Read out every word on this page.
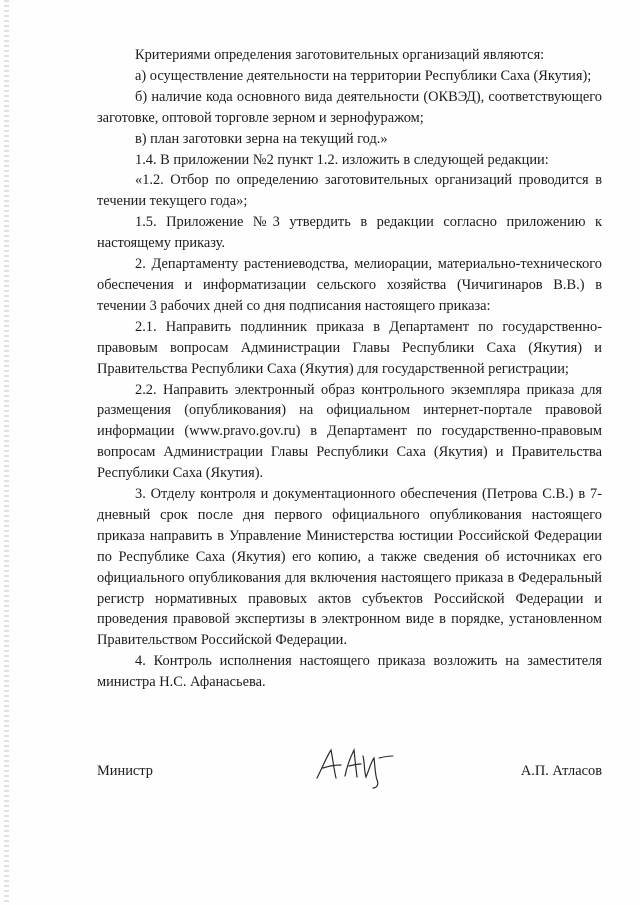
Критериями определения заготовительных организаций являются:

а) осуществление деятельности на территории Республики Саха (Якутия);

б) наличие кода основного вида деятельности (ОКВЭД), соответствующего заготовке, оптовой торговле зерном и зернофуражом;

в) план заготовки зерна на текущий год.»

1.4. В приложении №2 пункт 1.2. изложить в следующей редакции:

«1.2. Отбор по определению заготовительных организаций проводится в течении текущего года»;

1.5. Приложение №3 утвердить в редакции согласно приложению к настоящему приказу.

2. Департаменту растениеводства, мелиорации, материально-технического обеспечения и информатизации сельского хозяйства (Чичигинаров В.В.) в течении 3 рабочих дней со дня подписания настоящего приказа:

2.1. Направить подлинник приказа в Департамент по государственно-правовым вопросам Администрации Главы Республики Саха (Якутия) и Правительства Республики Саха (Якутия) для государственной регистрации;

2.2. Направить электронный образ контрольного экземпляра приказа для размещения (опубликования) на официальном интернет-портале правовой информации (www.pravo.gov.ru) в Департамент по государственно-правовым вопросам Администрации Главы Республики Саха (Якутия) и Правительства Республики Саха (Якутия).

3. Отделу контроля и документационного обеспечения (Петрова С.В.) в 7-дневный срок после дня первого официального опубликования настоящего приказа направить в Управление Министерства юстиции Российской Федерации по Республике Саха (Якутия) его копию, а также сведения об источниках его официального опубликования для включения настоящего приказа в Федеральный регистр нормативных правовых актов субъектов Российской Федерации и проведения правовой экспертизы в электронном виде в порядке, установленном Правительством Российской Федерации.

4. Контроль исполнения настоящего приказа возложить на заместителя министра Н.С. Афанасьева.

Министр	А.П. Атласов
